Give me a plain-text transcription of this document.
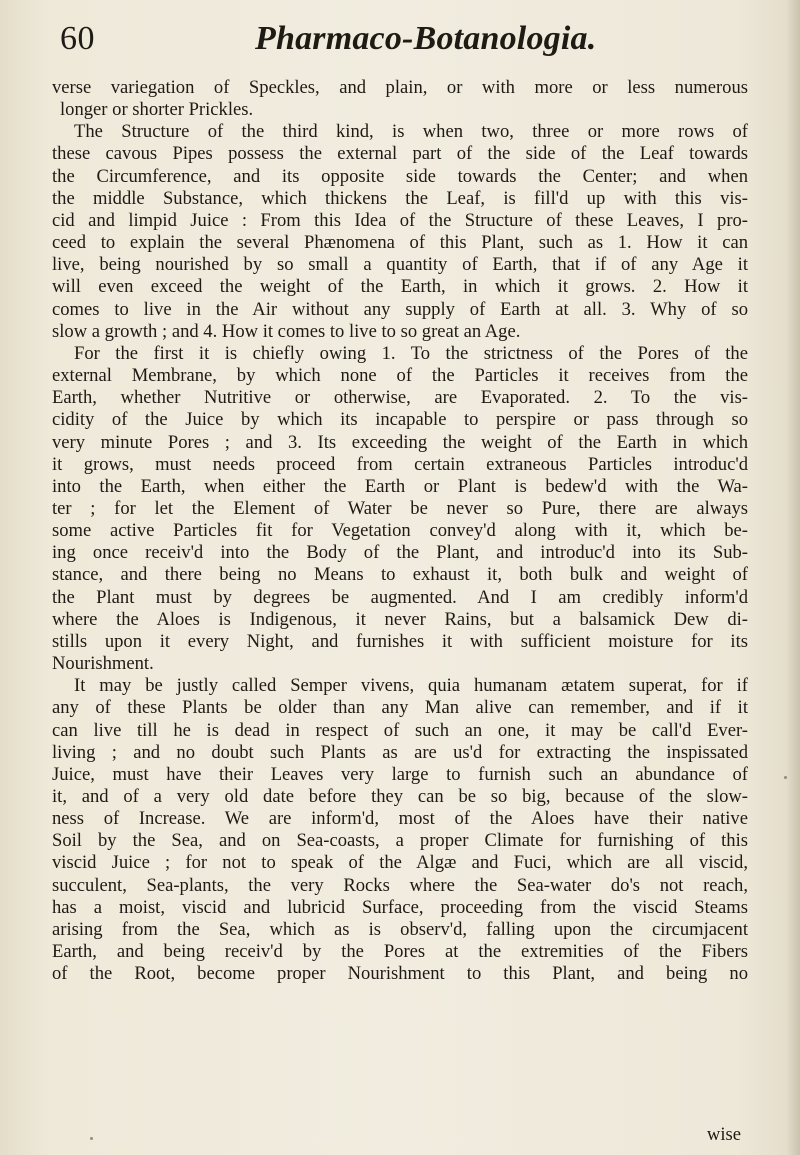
60	Pharmaco-Botanologia.
verse variegation of Speckles, and plain, or with more or less numerous
longer or shorter Prickles.
The Structure of the third kind, is when two, three or more rows of
these cavous Pipes possess the external part of the side of the Leaf towards
the Circumference, and its opposite side towards the Center; and when
the middle Substance, which thickens the Leaf, is fill'd up with this vis-
cid and limpid Juice : From this Idea of the Structure of these Leaves, I pro-
ceed to explain the several Phænomena of this Plant, such as 1. How it can
live, being nourished by so small a quantity of Earth, that if of any Age it
will even exceed the weight of the Earth, in which it grows. 2. How it
comes to live in the Air without any supply of Earth at all. 3. Why of so
slow a growth ; and 4. How it comes to live to so great an Age.
For the first it is chiefly owing 1. To the strictness of the Pores of the
external Membrane, by which none of the Particles it receives from the
Earth, whether Nutritive or otherwise, are Evaporated. 2. To the vis-
cidity of the Juice by which its incapable to perspire or pass through so
very minute Pores ; and 3. Its exceeding the weight of the Earth in which
it grows, must needs proceed from certain extraneous Particles introduc'd
into the Earth, when either the Earth or Plant is bedew'd with the Wa-
ter ; for let the Element of Water be never so Pure, there are always
some active Particles fit for Vegetation convey'd along with it, which be-
ing once receiv'd into the Body of the Plant, and introduc'd into its Sub-
stance, and there being no Means to exhaust it, both bulk and weight of
the Plant must by degrees be augmented. And I am credibly inform'd
where the Aloes is Indigenous, it never Rains, but a balsamick Dew di-
stills upon it every Night, and furnishes it with sufficient moisture for its
Nourishment.
It may be justly called Semper vivens, quia humanam ætatem superat, for if
any of these Plants be older than any Man alive can remember, and if it
can live till he is dead in respect of such an one, it may be call'd Ever-
living ; and no doubt such Plants as are us'd for extracting the inspissated
Juice, must have their Leaves very large to furnish such an abundance of
it, and of a very old date before they can be so big, because of the slow-
ness of Increase. We are inform'd, most of the Aloes have their native
Soil by the Sea, and on Sea-coasts, a proper Climate for furnishing of this
viscid Juice ; for not to speak of the Algæ and Fuci, which are all viscid,
succulent, Sea-plants, the very Rocks where the Sea-water do's not reach,
has a moist, viscid and lubricid Surface, proceeding from the viscid Steams
arising from the Sea, which as is observ'd, falling upon the circumjacent
Earth, and being receiv'd by the Pores at the extremities of the Fibers
of the Root, become proper Nourishment to this Plant, and being no
wise
